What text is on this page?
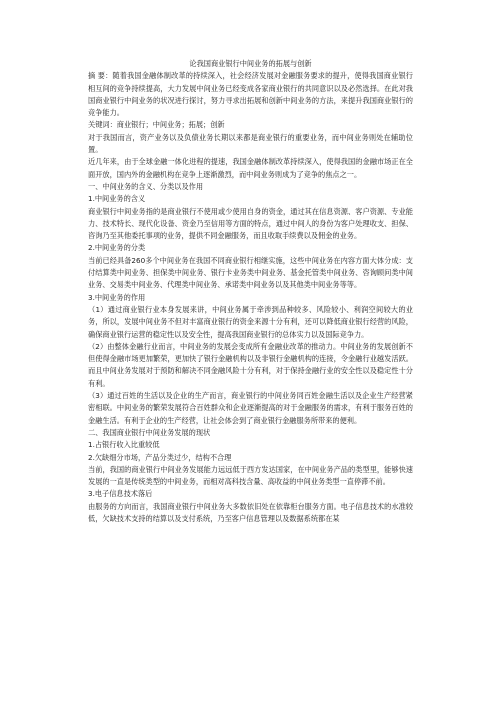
论我国商业银行中间业务的拓展与创新

摘 要：随着我国金融体制改革的持续深入，社会经济发展对金融服务要求的提升，使得我国商业银行相互间的竞争持续提高，大力发展中间业务已经变成各家商业银行的共同意识以及必然选择。在此对我国商业银行中间业务的状况进行探讨，努力寻求出拓展和创新中间业务的方法，来提升我国商业银行的竞争能力。

关键词：商业银行；中间业务；拓展；创新

对于我国而言，资产业务以及负债业务长期以来都是商业银行的重要业务，而中间业务则处在辅助位置。

近几年来，由于全球金融一体化进程的提速，我国金融体制改革持续深入，使得我国的金融市场正在全面开放，国内外的金融机构在竞争上逐渐激烈，而中间业务则成为了竞争的焦点之一。

一、中间业务的含义、分类以及作用
1.中间业务的含义

商业银行中间业务指的是商业银行不使用或少使用自身的资金，通过其在信息资源、客户资源、专业能力、技术特长、现代化设备、资金乃至信用等方面的特点，通过中间人的身份为客户处理收支、担保、咨询乃至其他委托事项的业务，提供不同金融服务，而且收取手续费以及佣金的业务。

2.中间业务的分类

当前已经具备260多个中间业务在我国不同商业银行相继实施，这些中间业务在内容方面大体分成：支付结算类中间业务、担保类中间业务、银行卡业务类中间业务、基金托管类中间业务、咨询顾问类中间业务、交易类中间业务、代理类中间业务、承诺类中间业务以及其他类中间业务等等。

3.中间业务的作用

（1）通过商业银行业本身发展来讲，中间业务属于牵涉到品种较多、风险较小、利润空间较大的业务，所以，发展中间业务不但对丰富商业银行的资金来源十分有利，还可以降低商业银行经营的风险，确保商业银行运营的稳定性以及安全性，提高我国商业银行的总体实力以及国际竞争力。

（2）由整体金融行业而言，中间业务的发展会变成所有金融业改革的推动力。中间业务的发展创新不但使得金融市场更加繁荣，更加快了银行金融机构以及非银行金融机构的连接，令金融行业越发活跃。而且中间业务发展对于预防和解决不同金融风险十分有利，对于保持金融行业的安全性以及稳定性十分有利。

（3）通过百姓的生活以及企业的生产而言，商业银行的中间业务同百姓金融生活以及企业生产经营紧密相联。中间业务的繁荣发展符合百姓群众和企业逐渐提高的对于金融服务的需求，有利于服务百姓的金融生活。有利于企业的生产经营，让社会体会到了商业银行金融服务所带来的便利。

二、我国商业银行中间业务发展的现状
1.占银行收入比重较低
2.欠缺细分市场，产品分类过少，结构不合理

当前，我国的商业银行中间业务发展能力远远低于西方发达国家，在中间业务产品的类型里，能够快速发展的一直是传统类型的中间业务，而相对高科技含量、高收益的中间业务类型一直停滞不前。

3.电子信息技术落后

由服务的方向而言，我国商业银行中间业务大多数依旧处在依靠柜台服务方面。电子信息技术的水准较低，欠缺技术支持的结算以及支付系统，乃至客户信息管理以及数据系统都在某
